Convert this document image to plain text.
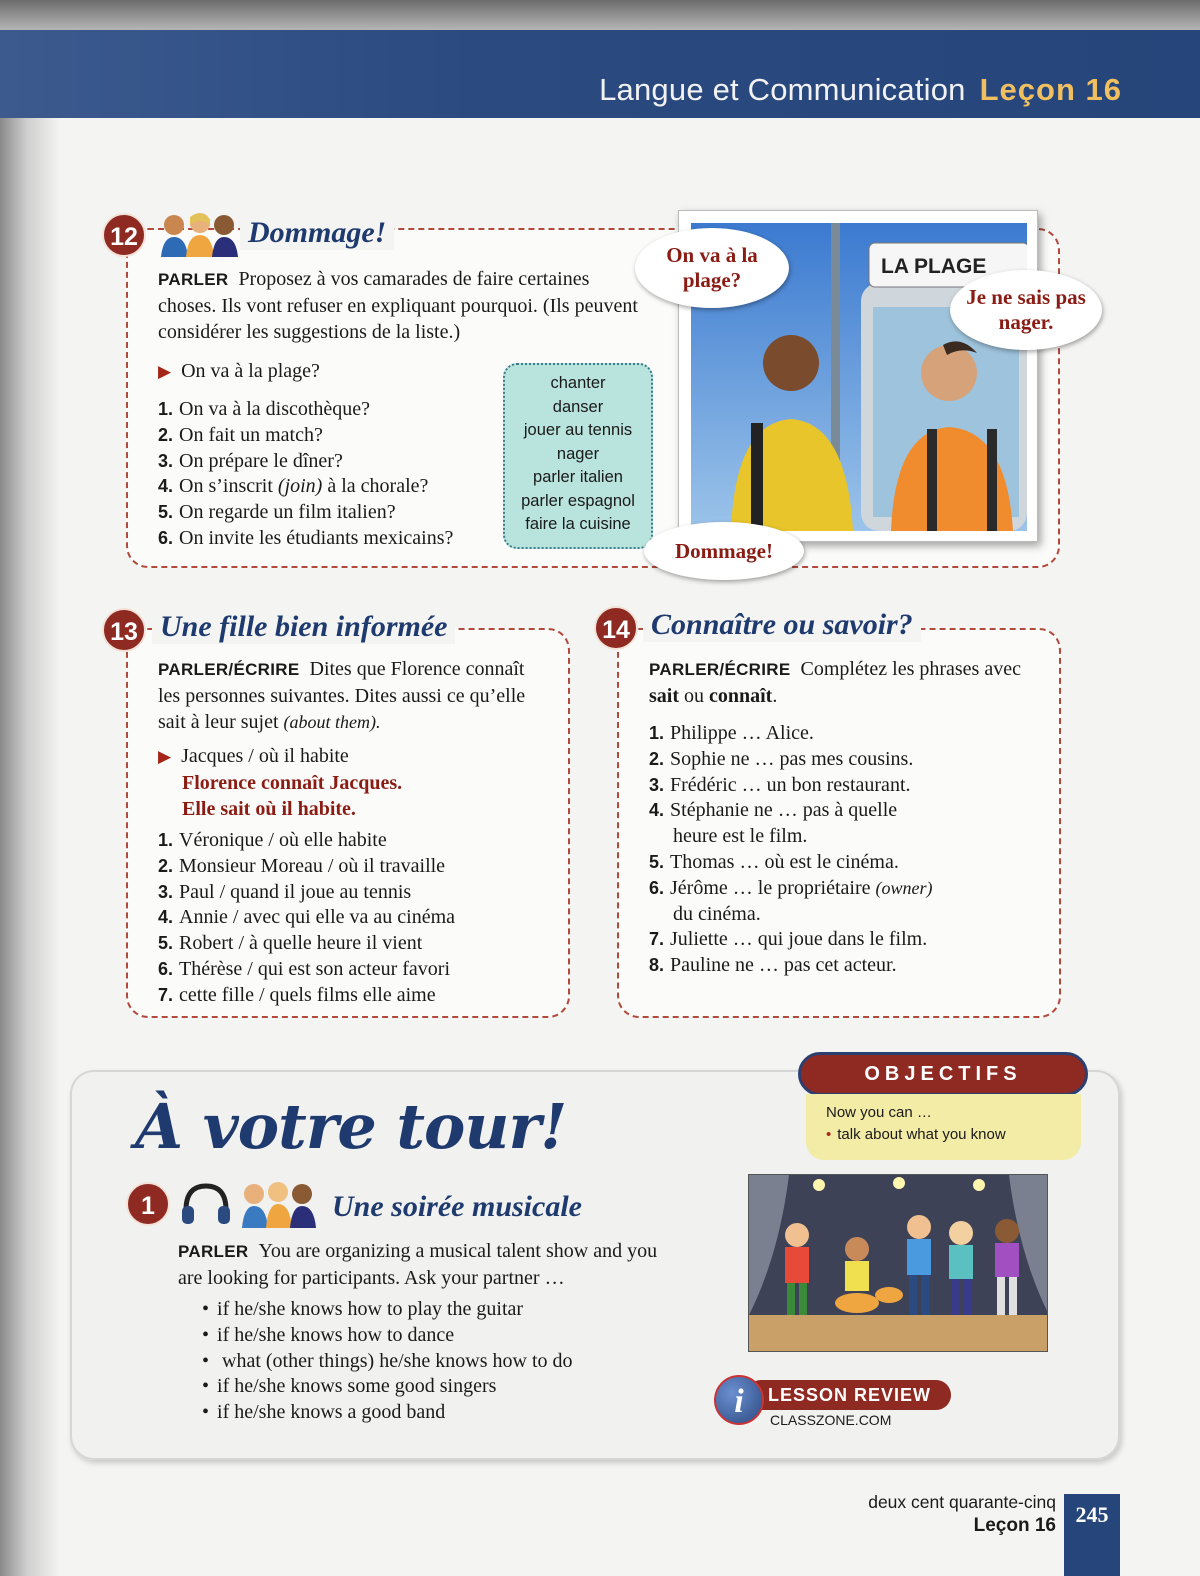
Langue et Communication Leçon 16
12	Dommage!
PARLER Proposez à vos camarades de faire certaines choses. Ils vont refuser en expliquant pourquoi. (Ils peuvent considérer les suggestions de la liste.)
▶ On va à la plage?
1. On va à la discothèque?
2. On fait un match?
3. On prépare le dîner?
4. On s’inscrit (join) à la chorale?
5. On regarde un film italien?
6. On invite les étudiants mexicains?
chanter
danser
jouer au tennis
nager
parler italien
parler espagnol
faire la cuisine
LA PLAGE
On va à la plage?
Je ne sais pas nager.
Dommage!
13 Une fille bien informée
PARLER/ÉCRIRE Dites que Florence connaît les personnes suivantes. Dites aussi ce qu’elle sait à leur sujet (about them).
▶ Jacques / où il habite
Florence connaît Jacques.
Elle sait où il habite.
1. Véronique / où elle habite
2. Monsieur Moreau / où il travaille
3. Paul / quand il joue au tennis
4. Annie / avec qui elle va au cinéma
5. Robert / à quelle heure il vient
6. Thérèse / qui est son acteur favori
7. cette fille / quels films elle aime
14 Connaître ou savoir?
PARLER/ÉCRIRE Complétez les phrases avec sait ou connaît.
1. Philippe … Alice.
2. Sophie ne … pas mes cousins.
3. Frédéric … un bon restaurant.
4. Stéphanie ne … pas à quelle
heure est le film.
5. Thomas … où est le cinéma.
6. Jérôme … le propriétaire (owner)
du cinéma.
7. Juliette … qui joue dans le film.
8. Pauline ne … pas cet acteur.
À votre tour!
OBJECTIFS
Now you can …
• talk about what you know
1	Une soirée musicale
PARLER You are organizing a musical talent show and you are looking for participants. Ask your partner …
• if he/she knows how to play the guitar
• if he/she knows how to dance
•  what (other things) he/she knows how to do
• if he/she knows some good singers
• if he/she knows a good band
LESSON REVIEW
i	CLASSZONE.COM
deux cent quarante-cinq
Leçon 16 245
